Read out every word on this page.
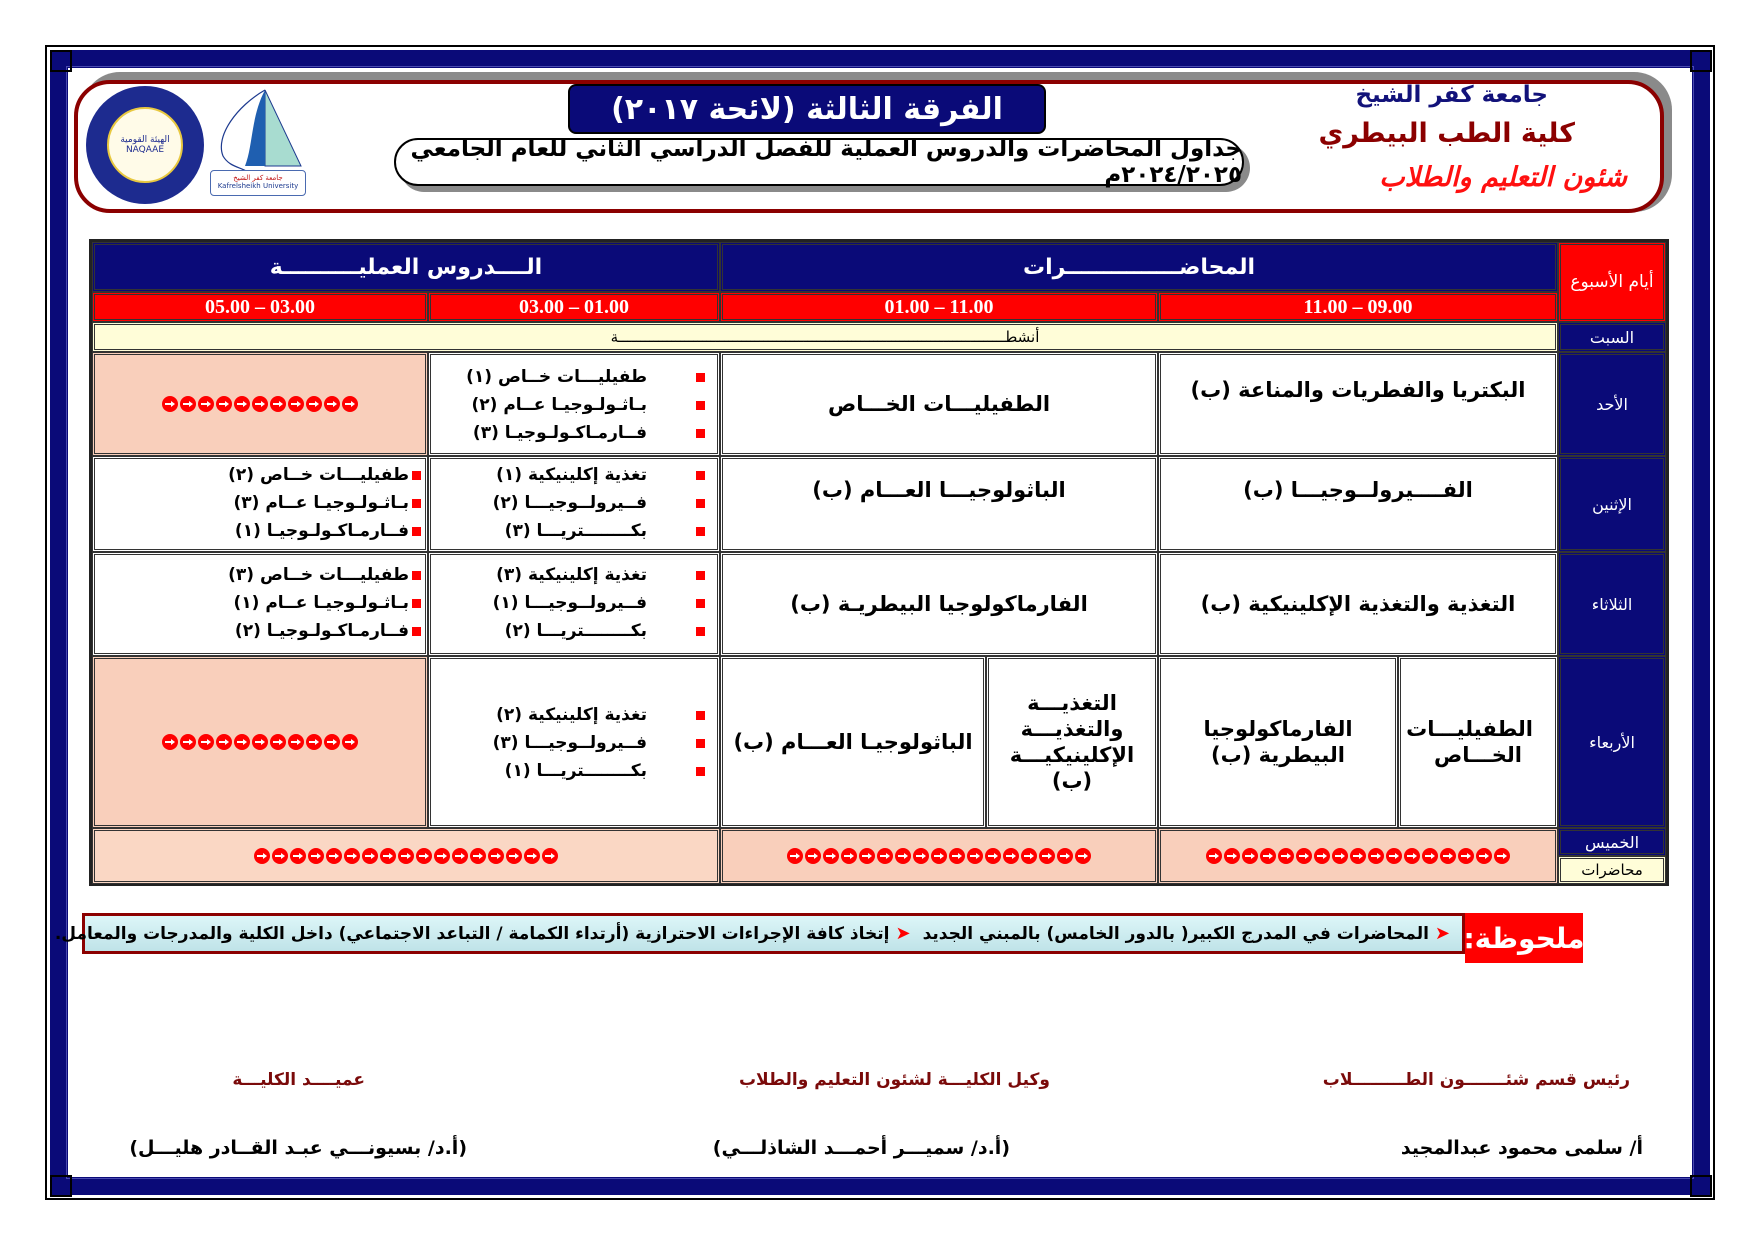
الهيئة القومية NAQAAE
جامعة كفر الشيخ
Kafrelsheikh University
الفرقة الثالثة (لائحة ٢٠١٧)
جداول المحاضرات والدروس العملية للفصل الدراسي الثاني للعام الجامعي ٢٠٢٤/٢٠٢٥م
جامعة كفر الشيخ
كلية الطب البيطري
شئون التعليم والطلاب
أيام الأسبوع
المحاضـــــــــــــــرات
الــــدروس العمليــــــــــة
11.00 – 09.00
01.00 – 11.00
03.00 – 01.00
05.00 – 03.00
السبت
أنشطــــــــــــــــــــــــــــــــــــــــــــــــــــــــــــــــــــــــــــــــــــــــة
الأحد
البكتريا والفطريات والمناعة (ب)
الطفيليـــات الخـــاص
طفيليـــات خــاص (١)
بـاثـولـوجيـا عــام (٢)
فــارمـاكـولـوجيـا (٣)
الإثنين
الفــــيرولــوجيـــا (ب)
الباثولوجيـــا العـــام (ب)
تغذية إكلينيكية (١)
فــيرولــوجيـــا (٢)
بكــــــــتريـــا (٣)
طفيليـــات خــاص (٢)
بـاثـولـوجيـا عــام (٣)
فــارمـاكـولـوجيـا (١)
الثلاثاء
التغذية والتغذية الإكلينيكية (ب)
الفارماكولوجيا البيطريـة (ب)
تغذية إكلينيكية (٣)
فــيرولــوجيـــا (١)
بكــــــــتريـــا (٢)
طفيليـــات خــاص (٣)
بـاثـولـوجيـا عــام (١)
فــارمـاكـولـوجيـا (٢)
الأربعاء
الطفيليـــات الخـــاص
الفارماكولوجيا البيطرية (ب)
التغذيـــة والتغذيـــة الإكلينيكيـــة (ب)
الباثولوجيـا العـــام (ب)
تغذية إكلينيكية (٢)
فــيرولــوجيـــا (٣)
بكــــــــتريـــا (١)
الخميس
محاضرات
➤
المحاضرات في المدرج الكبير( بالدور الخامس) بالمبني الجديد
➤
إتخاذ كافة الإجراءات الاحترازية (أرتداء الكمامة / التباعد الاجتماعي) داخل الكلية والمدرجات والمعامل.	ملحوظة:
رئيس قسم شئـــــــون الطـــــــــلاب
أ/ سلمى محمود عبدالمجيد
وكيل الكليـــة لشئون التعليم والطلاب
(أ.د/ سميـــر أحمـــد الشاذلـــي)
عميــــد الكليـــة
(أ.د/ بسيونـــي عبـد القــادر هليـــل)
